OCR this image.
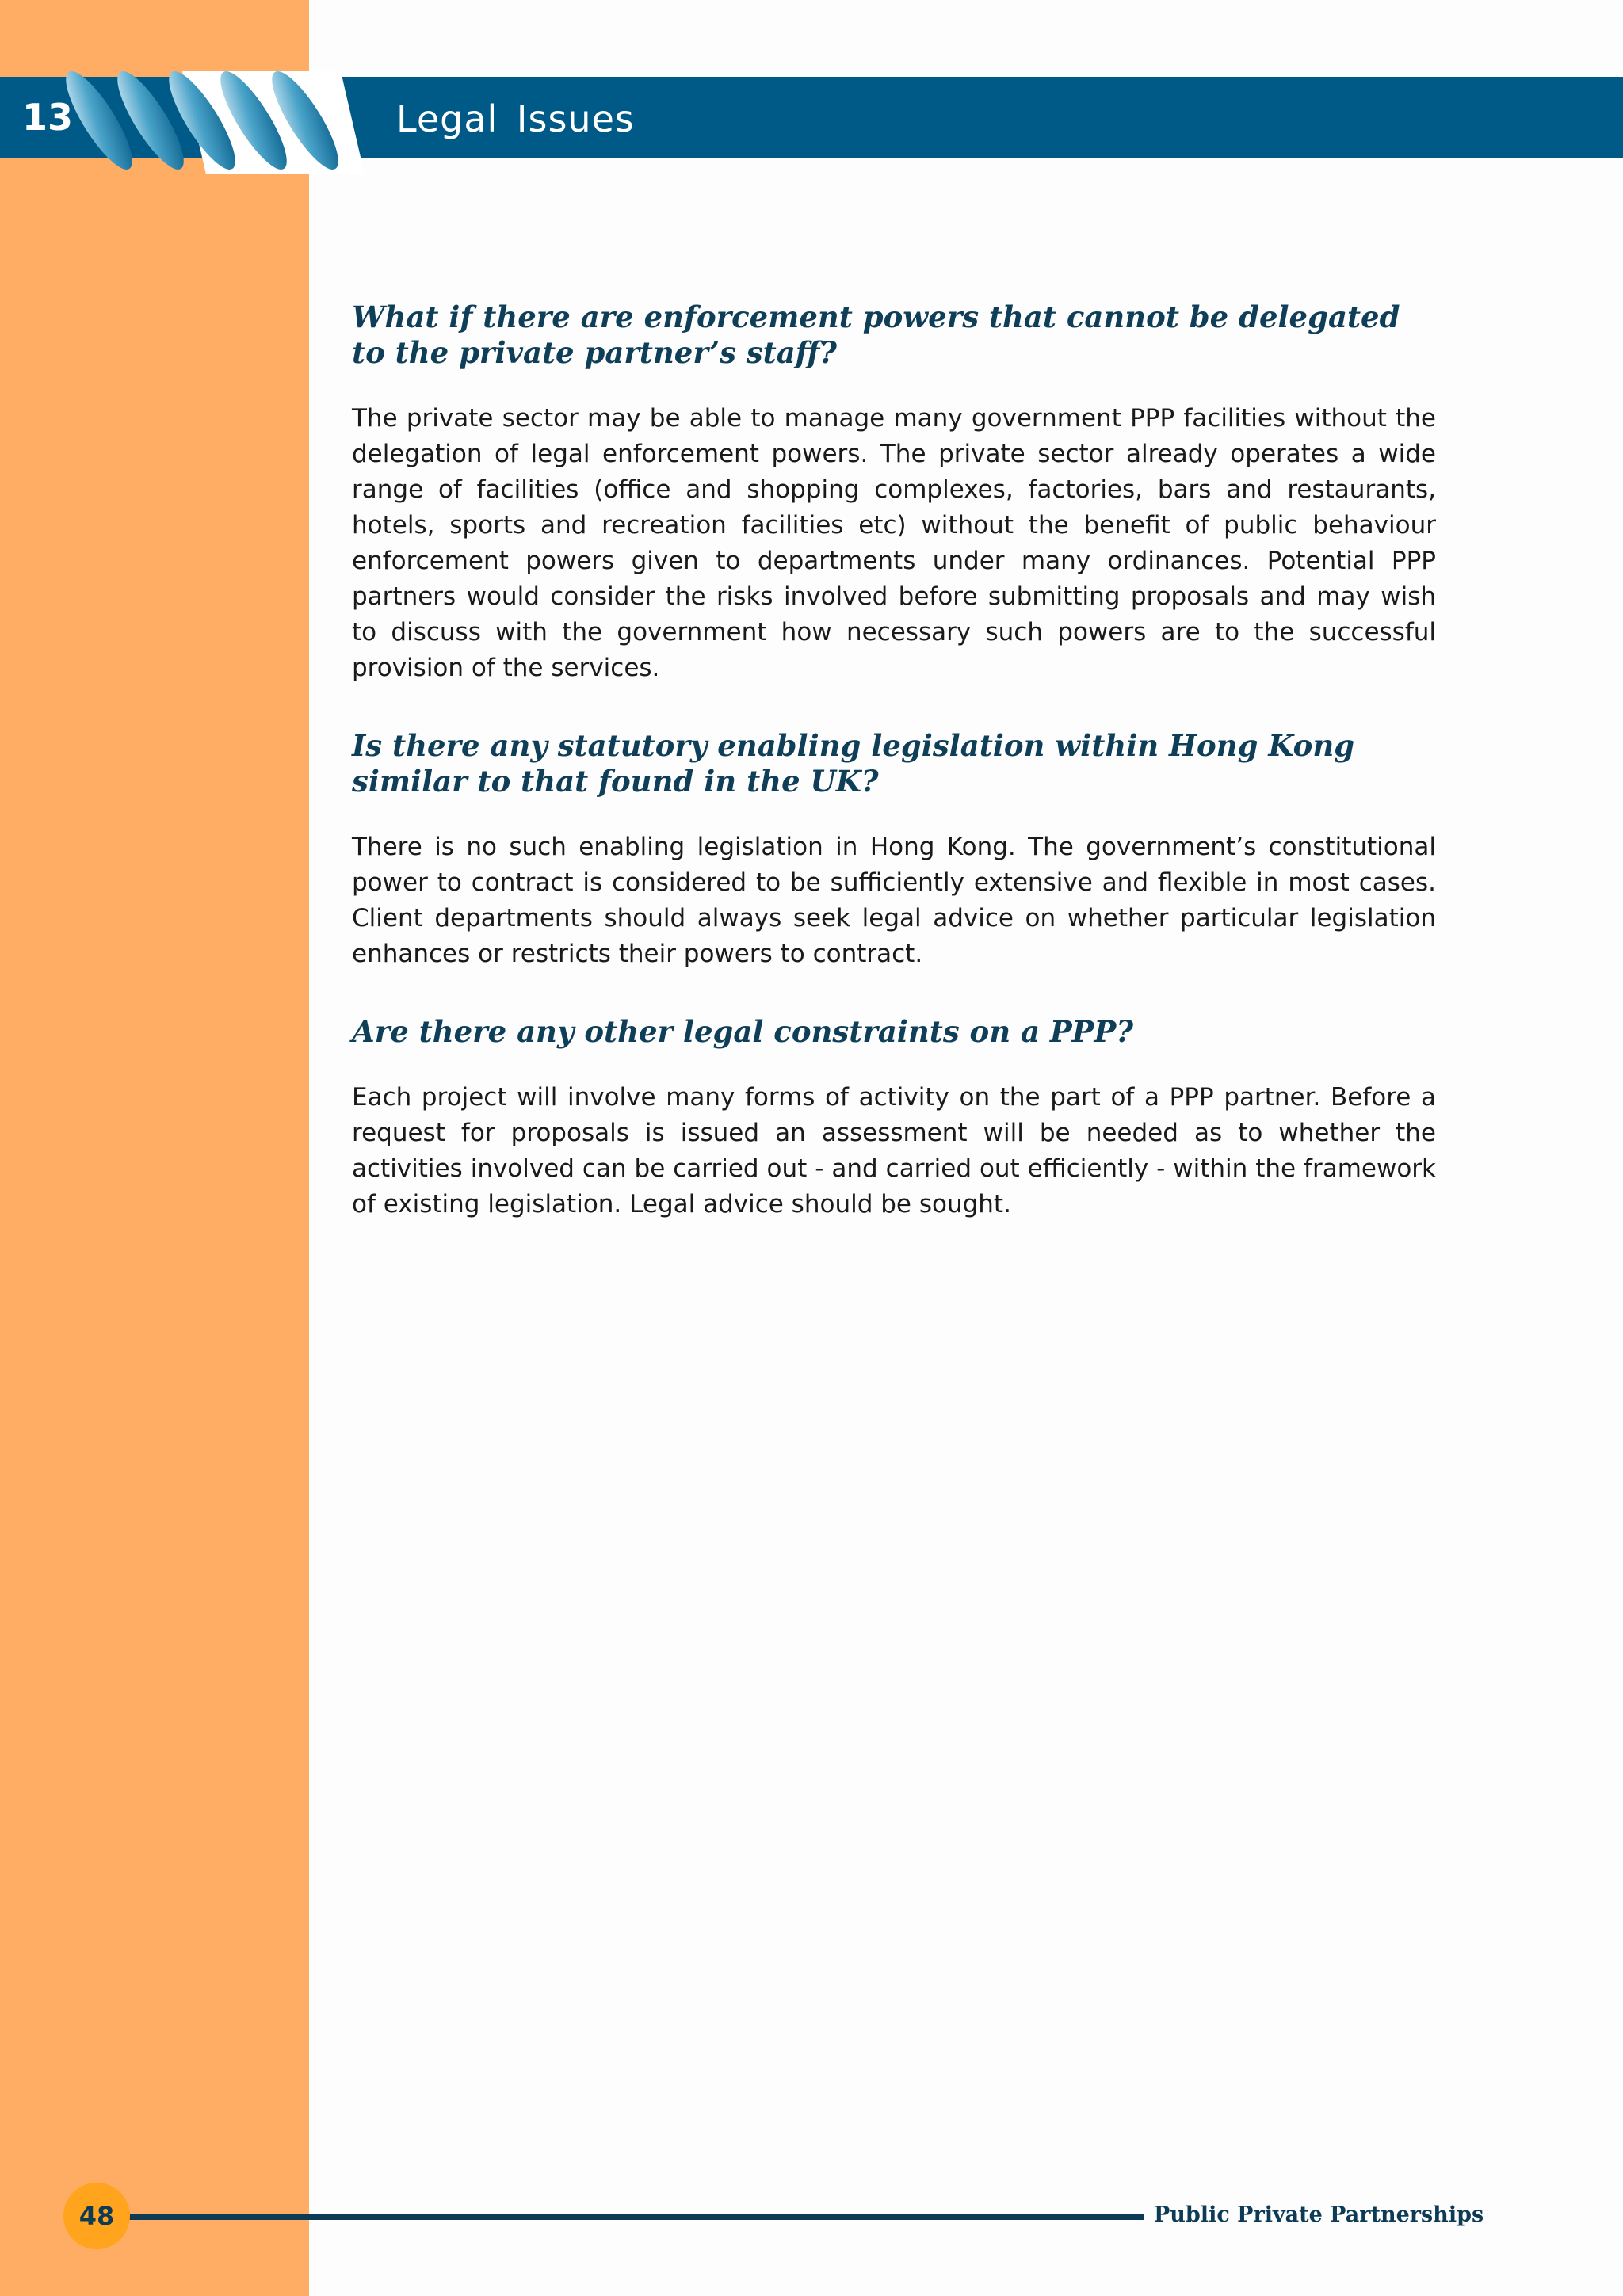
13	Legal Issues
What if there are enforcement powers that cannot be delegated to the private partner’s staff?

The private sector may be able to manage many government PPP facilities without the delegation of legal enforcement powers. The private sector already operates a wide range of facilities (office and shopping complexes, factories, bars and restaurants, hotels, sports and recreation facilities etc) without the benefit of public behaviour enforcement powers given to departments under many ordinances. Potential PPP partners would consider the risks involved before submitting proposals and may wish to discuss with the government how necessary such powers are to the successful provision of the services.

Is there any statutory enabling legislation within Hong Kong similar to that found in the UK?

There is no such enabling legislation in Hong Kong. The government’s constitutional power to contract is considered to be sufficiently extensive and flexible in most cases. Client departments should always seek legal advice on whether particular legislation enhances or restricts their powers to contract.

Are there any other legal constraints on a PPP?

Each project will involve many forms of activity on the part of a PPP partner. Before a request for proposals is issued an assessment will be needed as to whether the activities involved can be carried out - and carried out efficiently - within the framework of existing legislation. Legal advice should be sought.

48	Public Private Partnerships
